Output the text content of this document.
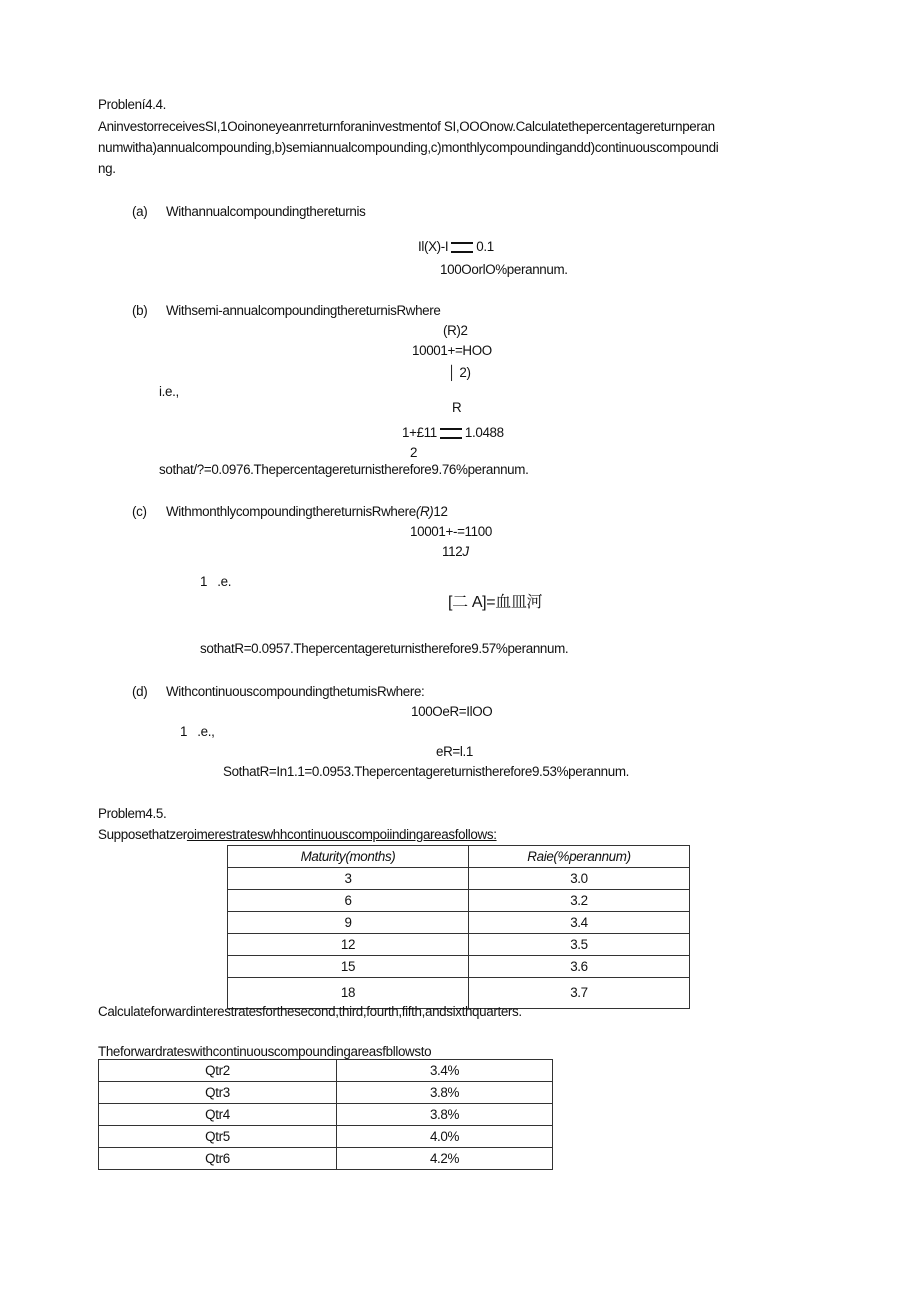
Problení4.4.
AninvestorreceivesSI,1Ooinoneyeanrreturnforaninvestmentof SI,OOOnow.Calculatethepercentagereturnperan
numwitha)annualcompounding,b)semiannualcompounding,c)monthlycompoundingandd)continuouscompoundi
ng.
(a) Withannualcompoundingthereturnis
Il(X)-I 0.1
100OorlO%perannum.
(b) Withsemi-annualcompoundingthereturnisRwhere
(R)2
10001+=HOO
│ 2)
i.e.,
R
1+£11 1.0488
2
sothat/?=0.0976.Thepercentagereturnistherefore9.76%perannum.
(c) WithmonthlycompoundingthereturnisRwhere(R)12
10001+-=1100
112J
1 .e.
[二 A]=血皿河
sothatR=0.0957.Thepercentagereturnistherefore9.57%perannum.
(d) WithcontinuouscompoundingthetumisRwhere:
100OeR=IlOO
1 .e.,
eR=l.1
SothatR=In1.1=0.0953.Thepercentagereturnistherefore9.53%perannum.
Problem4.5.
Supposethatzeroimerestrateswhhcontinuouscompoiindingareasfollows:
Maturity(months)	Raie(%perannum)
3	3.0
6	3.2
9	3.4
12	3.5
15	3.6
18	3.7
Calculateforwardinterestratesforthesecond,third,fourth,fifth,andsixthquarters.
Theforwardrateswithcontinuouscompoundingareasfbllowsto
Qtr2	3.4%
Qtr3	3.8%
Qtr4	3.8%
Qtr5	4.0%
Qtr6	4.2%
